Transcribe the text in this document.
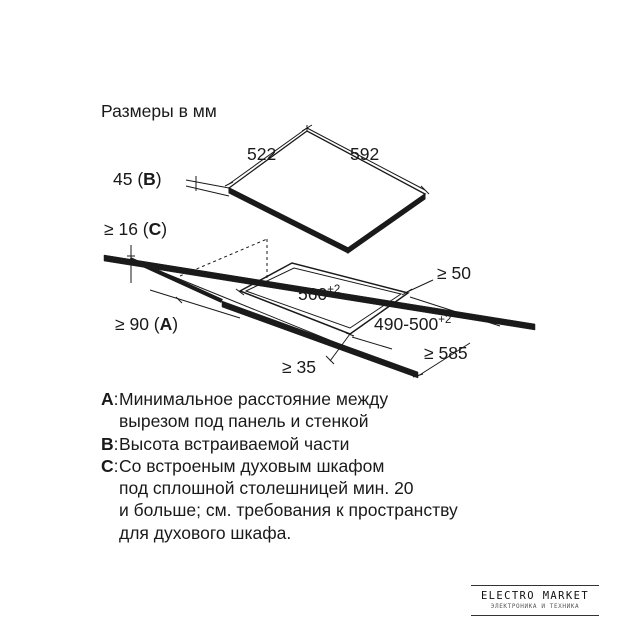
Размеры в мм
522	592
45 (B)
$560^{+2}$
≥ 16 (C)
≥ 50
$490-500^{+2}$
≥ 90 (A)
≥ 585
≥ 35
A : Минимальное расстояние между
вырезом под панель и стенкой
B : Высота встраиваемой части
C : Со встроеным духовым шкафом
под сплошной столешницей мин. 20
и больше; см. требования к пространству
для духового шкафа.
ELECTRO MARKET
ЭЛЕКТРОНИКА И ТЕХНИКА
